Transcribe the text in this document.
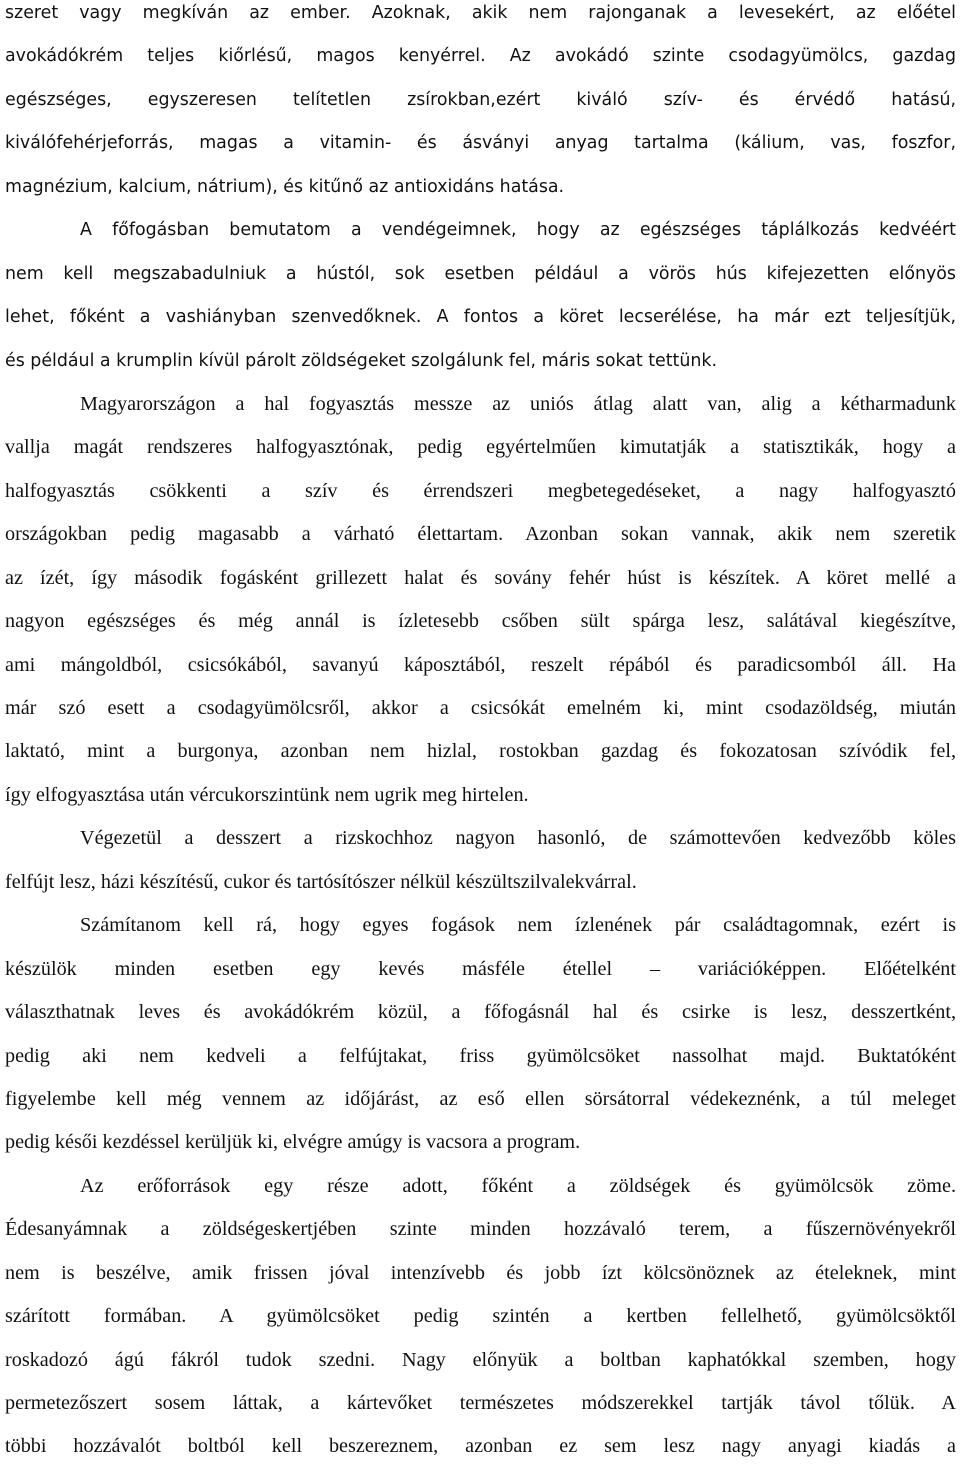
szeret vagy megkíván az ember. Azoknak, akik nem rajonganak a levesekért, az előétel
avokádókrém teljes kiőrlésű, magos kenyérrel. Az avokádó szinte csodagyümölcs, gazdag
egészséges, egyszeresen telítetlen zsírokban,ezért kiváló szív- és érvédő hatású,
kiválófehérjeforrás, magas a vitamin- és ásványi anyag tartalma (kálium, vas, foszfor,
magnézium, kalcium, nátrium), és kitűnő az antioxidáns hatása.
A főfogásban bemutatom a vendégeimnek, hogy az egészséges táplálkozás kedvéért
nem kell megszabadulniuk a hústól, sok esetben például a vörös hús kifejezetten előnyös
lehet, főként a vashiányban szenvedőknek. A fontos a köret lecserélése, ha már ezt teljesítjük,
és például a krumplin kívül párolt zöldségeket szolgálunk fel, máris sokat tettünk.
Magyarországon a hal fogyasztás messze az uniós átlag alatt van, alig a kétharmadunk
vallja magát rendszeres halfogyasztónak, pedig egyértelműen kimutatják a statisztikák, hogy a
halfogyasztás csökkenti a szív és érrendszeri megbetegedéseket, a nagy halfogyasztó
országokban pedig magasabb a várható élettartam. Azonban sokan vannak, akik nem szeretik
az ízét, így második fogásként grillezett halat és sovány fehér húst is készítek. A köret mellé a
nagyon egészséges és még annál is ízletesebb csőben sült spárga lesz, salátával kiegészítve,
ami mángoldból, csicsókából, savanyú káposztából, reszelt répából és paradicsomból áll. Ha
már szó esett a csodagyümölcsről, akkor a csicsókát emelném ki, mint csodazöldség, miután
laktató, mint a burgonya, azonban nem hizlal, rostokban gazdag és fokozatosan szívódik fel,
így elfogyasztása után vércukorszintünk nem ugrik meg hirtelen.
Végezetül a desszert a rizskochhoz nagyon hasonló, de számottevően kedvezőbb köles
felfújt lesz, házi készítésű, cukor és tartósítószer nélkül készültszilvalekvárral.
Számítanom kell rá, hogy egyes fogások nem ízlenének pár családtagomnak, ezért is
készülök minden esetben egy kevés másféle étellel – variációképpen. Előételként
választhatnak leves és avokádókrém közül, a főfogásnál hal és csirke is lesz, desszertként,
pedig aki nem kedveli a felfújtakat, friss gyümölcsöket nassolhat majd. Buktatóként
figyelembe kell még vennem az időjárást, az eső ellen sörsátorral védekeznénk, a túl meleget
pedig késői kezdéssel kerüljük ki, elvégre amúgy is vacsora a program.
Az erőforrások egy része adott, főként a zöldségek és gyümölcsök zöme.
Édesanyámnak a zöldségeskertjében szinte minden hozzávaló terem, a fűszernövényekről
nem is beszélve, amik frissen jóval intenzívebb és jobb ízt kölcsönöznek az ételeknek, mint
szárított formában. A gyümölcsöket pedig szintén a kertben fellelhető, gyümölcsöktől
roskadozó ágú fákról tudok szedni. Nagy előnyük a boltban kaphatókkal szemben, hogy
permetezőszert sosem láttak, a kártevőket természetes módszerekkel tartják távol tőlük. A
többi hozzávalót boltból kell beszereznem, azonban ez sem lesz nagy anyagi kiadás a
